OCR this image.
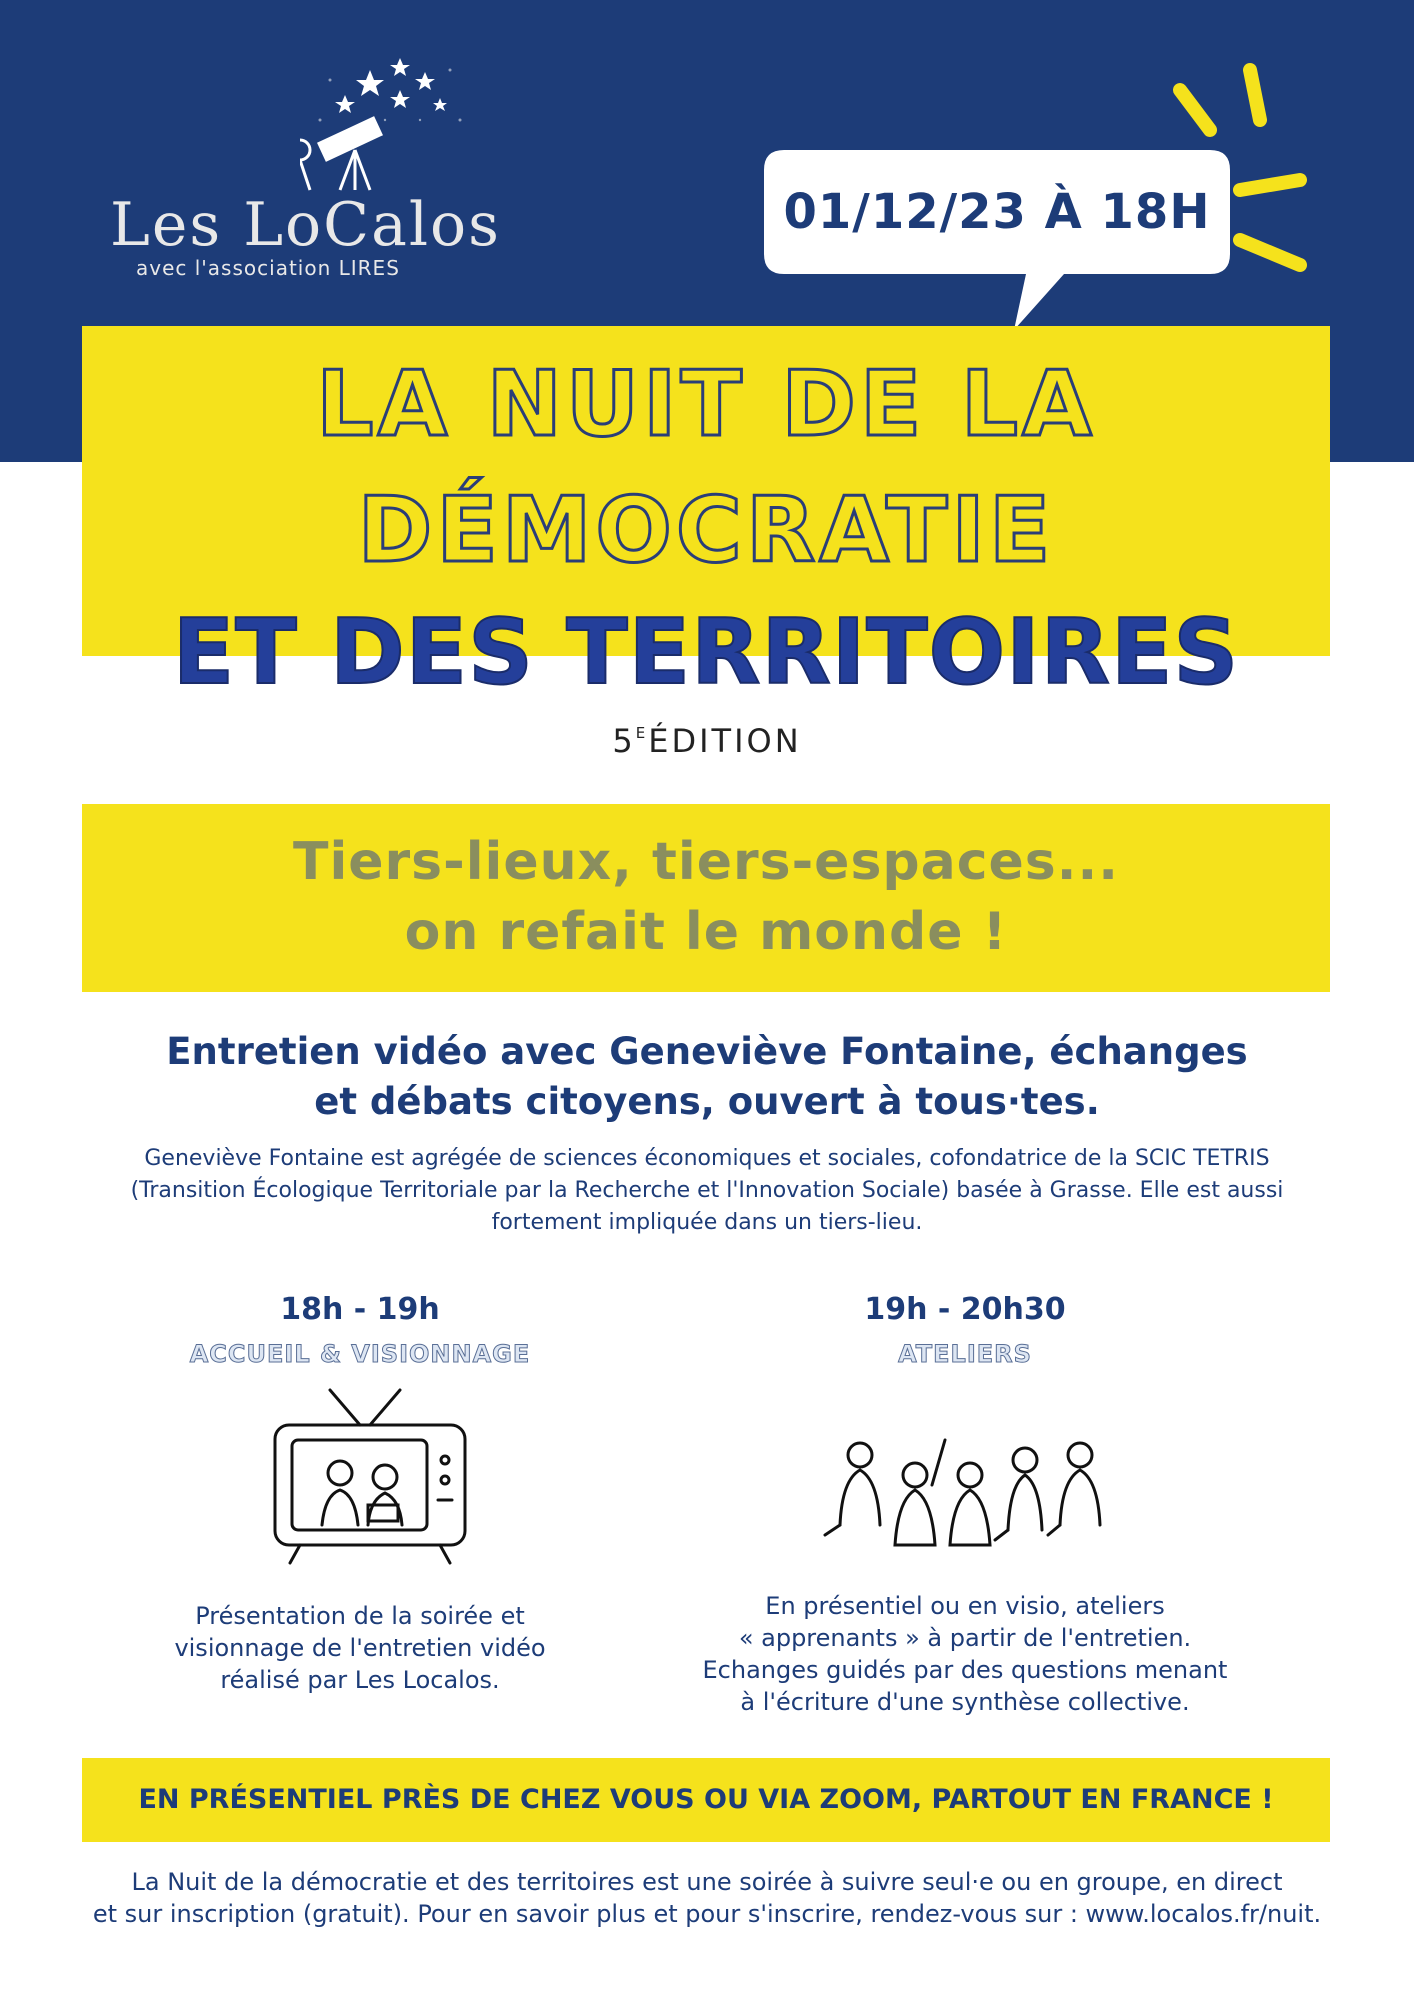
Les LoCalos
avec l'association LIRES
01/12/23 À 18H
LA NUIT DE LA
DÉMOCRATIE
ET DES TERRITOIRES
$5^EÉDITION$
Tiers-lieux, tiers-espaces...
on refait le monde !
Entretien vidéo avec Geneviève Fontaine, échanges
et débats citoyens, ouvert à tous·tes.
Geneviève Fontaine est agrégée de sciences économiques et sociales, cofondatrice de la SCIC TETRIS
(Transition Écologique Territoriale par la Recherche et l'Innovation Sociale) basée à Grasse. Elle est aussi
fortement impliquée dans un tiers-lieu.
18h - 19h
ACCUEIL & VISIONNAGE
Présentation de la soirée et
visionnage de l'entretien vidéo
réalisé par Les Localos.
19h - 20h30
ATELIERS
En présentiel ou en visio, ateliers
« apprenants » à partir de l'entretien.
Echanges guidés par des questions menant
à l'écriture d'une synthèse collective.
EN PRÉSENTIEL PRÈS DE CHEZ VOUS OU VIA ZOOM, PARTOUT EN FRANCE !
La Nuit de la démocratie et des territoires est une soirée à suivre seul·e ou en groupe, en direct
et sur inscription (gratuit). Pour en savoir plus et pour s'inscrire, rendez-vous sur : www.localos.fr/nuit.
